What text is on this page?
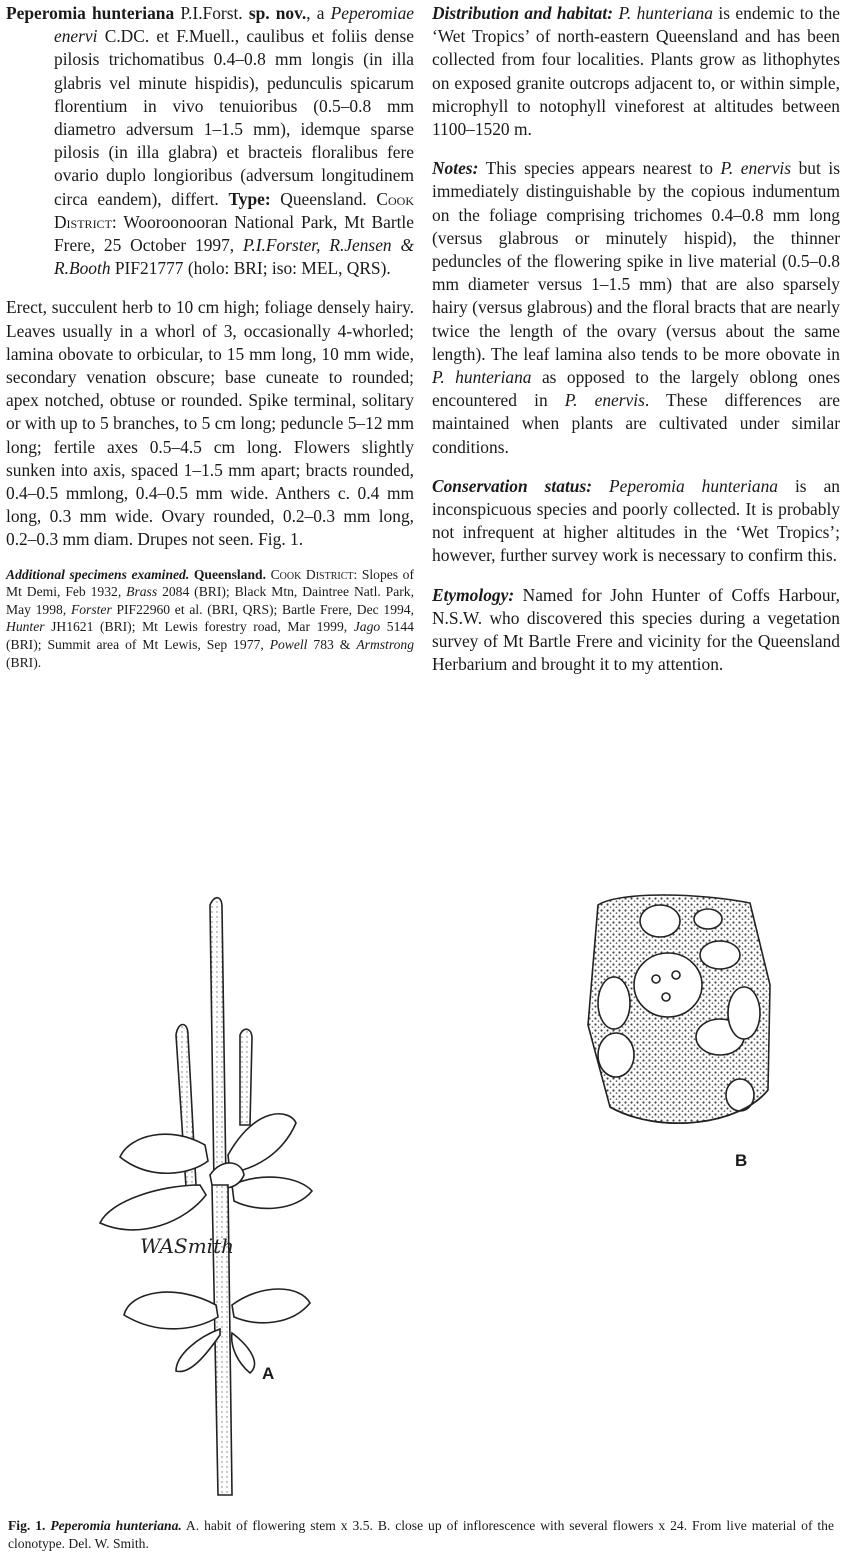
Peperomia hunteriana P.I.Forst. sp. nov., a Peperomiae enervi C.DC. et F.Muell., caulibus et foliis dense pilosis trichomatibus 0.4–0.8 mm longis (in illa glabris vel minute hispidis), pedunculis spicarum florentium in vivo tenuioribus (0.5–0.8 mm diametro adversum 1–1.5 mm), idemque sparse pilosis (in illa glabra) et bracteis floralibus fere ovario duplo longioribus (adversum longitudinem circa eandem), differt. Type: Queensland. Cook District: Wooroonooran National Park, Mt Bartle Frere, 25 October 1997, P.I.Forster, R.Jensen & R.Booth PIF21777 (holo: BRI; iso: MEL, QRS).

Erect, succulent herb to 10 cm high; foliage densely hairy. Leaves usually in a whorl of 3, occasionally 4-whorled; lamina obovate to orbicular, to 15 mm long, 10 mm wide, secondary venation obscure; base cuneate to rounded; apex notched, obtuse or rounded. Spike terminal, solitary or with up to 5 branches, to 5 cm long; peduncle 5–12 mm long; fertile axes 0.5–4.5 cm long. Flowers slightly sunken into axis, spaced 1–1.5 mm apart; bracts rounded, 0.4–0.5 mmlong, 0.4–0.5 mm wide. Anthers c. 0.4 mm long, 0.3 mm wide. Ovary rounded, 0.2–0.3 mm long, 0.2–0.3 mm diam. Drupes not seen. Fig. 1.

Additional specimens examined. Queensland. Cook District: Slopes of Mt Demi, Feb 1932, Brass 2084 (BRI); Black Mtn, Daintree Natl. Park, May 1998, Forster PIF22960 et al. (BRI, QRS); Bartle Frere, Dec 1994, Hunter JH1621 (BRI); Mt Lewis forestry road, Mar 1999, Jago 5144 (BRI); Summit area of Mt Lewis, Sep 1977, Powell 783 & Armstrong (BRI).

Distribution and habitat: P. hunteriana is endemic to the ‘Wet Tropics’ of north-eastern Queensland and has been collected from four localities. Plants grow as lithophytes on exposed granite outcrops adjacent to, or within simple, microphyll to notophyll vineforest at altitudes between 1100–1520 m.

Notes: This species appears nearest to P. enervis but is immediately distinguishable by the copious indumentum on the foliage comprising trichomes 0.4–0.8 mm long (versus glabrous or minutely hispid), the thinner peduncles of the flowering spike in live material (0.5–0.8 mm diameter versus 1–1.5 mm) that are also sparsely hairy (versus glabrous) and the floral bracts that are nearly twice the length of the ovary (versus about the same length). The leaf lamina also tends to be more obovate in P. hunteriana as opposed to the largely oblong ones encountered in P. enervis. These differences are maintained when plants are cultivated under similar conditions.

Conservation status: Peperomia hunteriana is an inconspicuous species and poorly collected. It is probably not infrequent at higher altitudes in the ‘Wet Tropics’; however, further survey work is necessary to confirm this.

Etymology: Named for John Hunter of Coffs Harbour, N.S.W. who discovered this species during a vegetation survey of Mt Bartle Frere and vicinity for the Queensland Herbarium and brought it to my attention.

WASmith
A
B

Fig. 1. Peperomia hunteriana. A. habit of flowering stem x 3.5. B. close up of inflorescence with several flowers x 24. From live material of the clonotype. Del. W. Smith.
